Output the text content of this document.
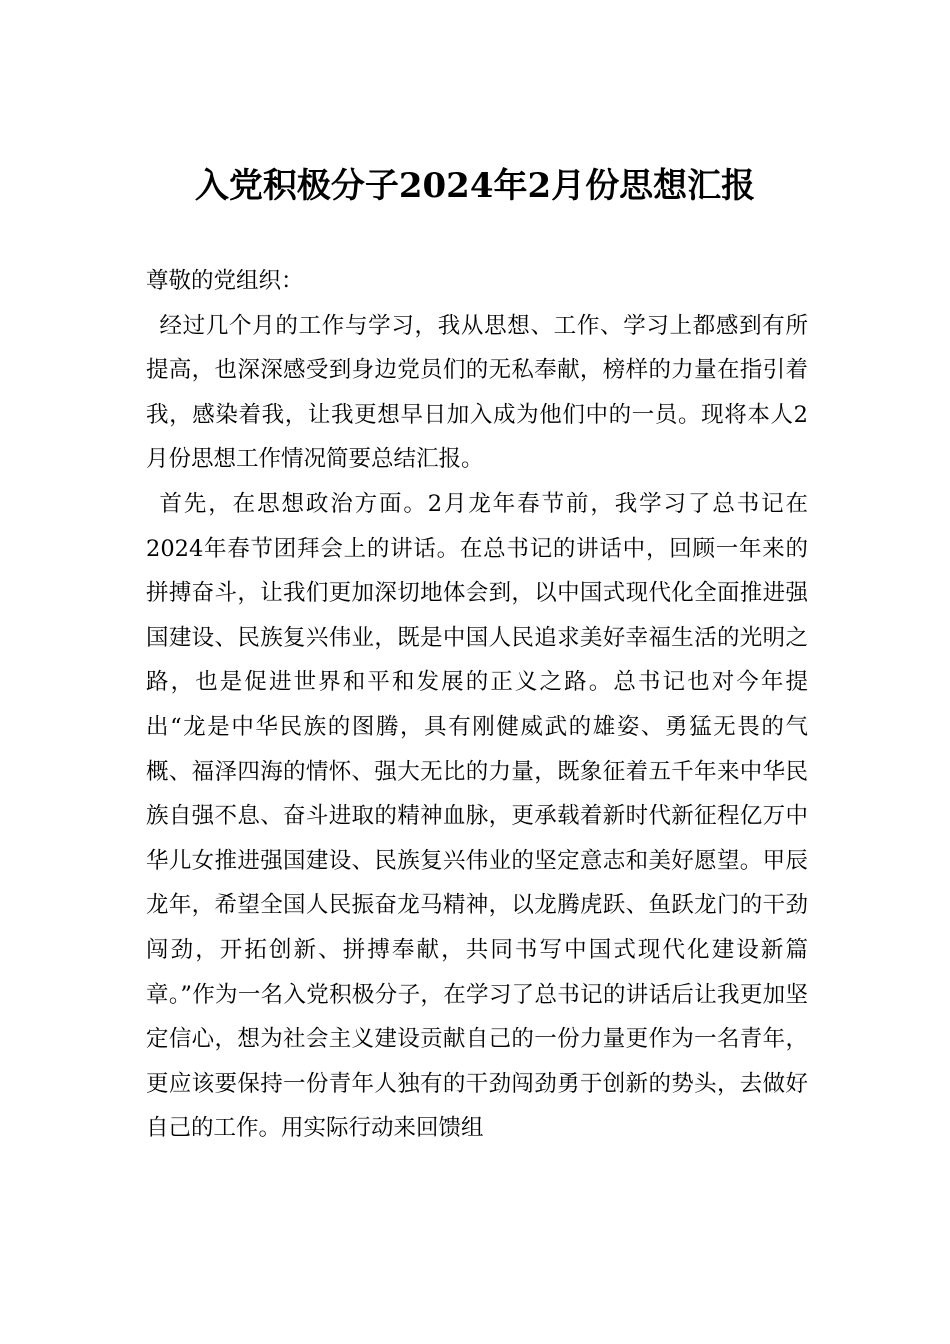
入党积极分子2024年2月份思想汇报

尊敬的党组织：

经过几个月的工作与学习，我从思想、工作、学习上都感到有所提高，也深深感受到身边党员们的无私奉献，榜样的力量在指引着我，感染着我，让我更想早日加入成为他们中的一员。现将本人2月份思想工作情况简要总结汇报。

首先，在思想政治方面。2月龙年春节前，我学习了总书记在2024年春节团拜会上的讲话。在总书记的讲话中，回顾一年来的拼搏奋斗，让我们更加深切地体会到，以中国式现代化全面推进强国建设、民族复兴伟业，既是中国人民追求美好幸福生活的光明之路，也是促进世界和平和发展的正义之路。总书记也对今年提出“龙是中华民族的图腾，具有刚健威武的雄姿、勇猛无畏的气概、福泽四海的情怀、强大无比的力量，既象征着五千年来中华民族自强不息、奋斗进取的精神血脉，更承载着新时代新征程亿万中华儿女推进强国建设、民族复兴伟业的坚定意志和美好愿望。甲辰龙年，希望全国人民振奋龙马精神，以龙腾虎跃、鱼跃龙门的干劲闯劲，开拓创新、拼搏奉献，共同书写中国式现代化建设新篇章。”作为一名入党积极分子，在学习了总书记的讲话后让我更加坚定信心，想为社会主义建设贡献自己的一份力量更作为一名青年，更应该要保持一份青年人独有的干劲闯劲勇于创新的势头，去做好自己的工作。用实际行动来回馈组
